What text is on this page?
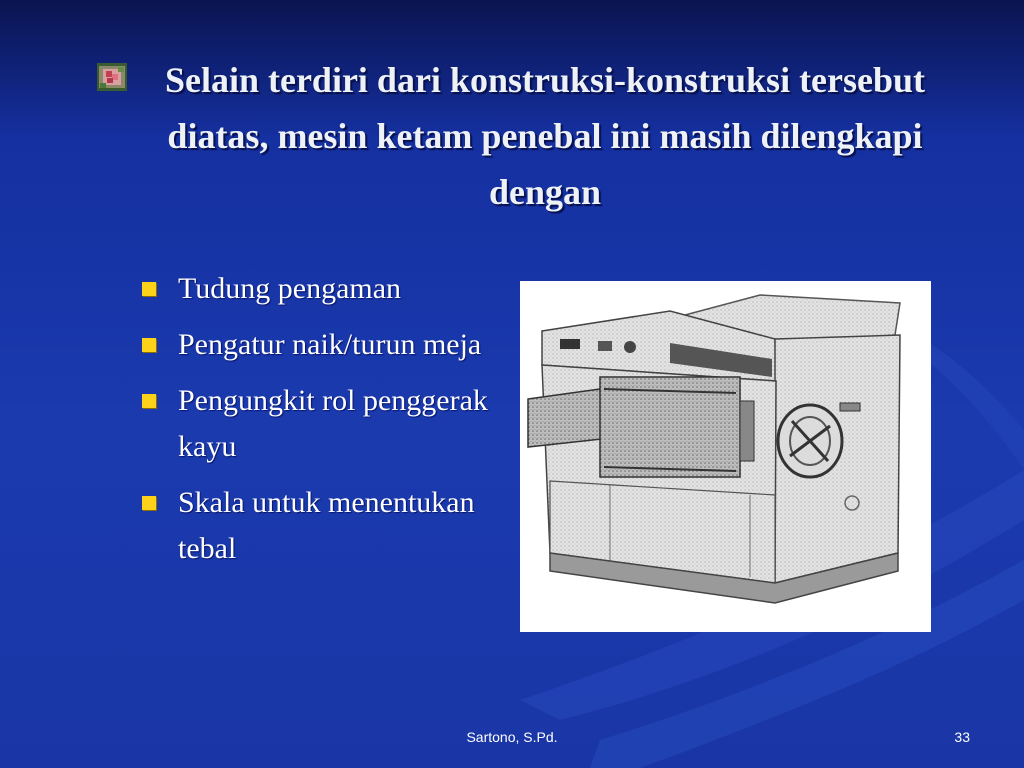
Selain terdiri dari konstruksi-konstruksi tersebut diatas, mesin ketam penebal ini masih dilengkapi dengan
Tudung pengaman
Pengatur naik/turun meja
Pengungkit rol penggerak kayu
Skala untuk menentukan tebal
Sartono, S.Pd.	33
